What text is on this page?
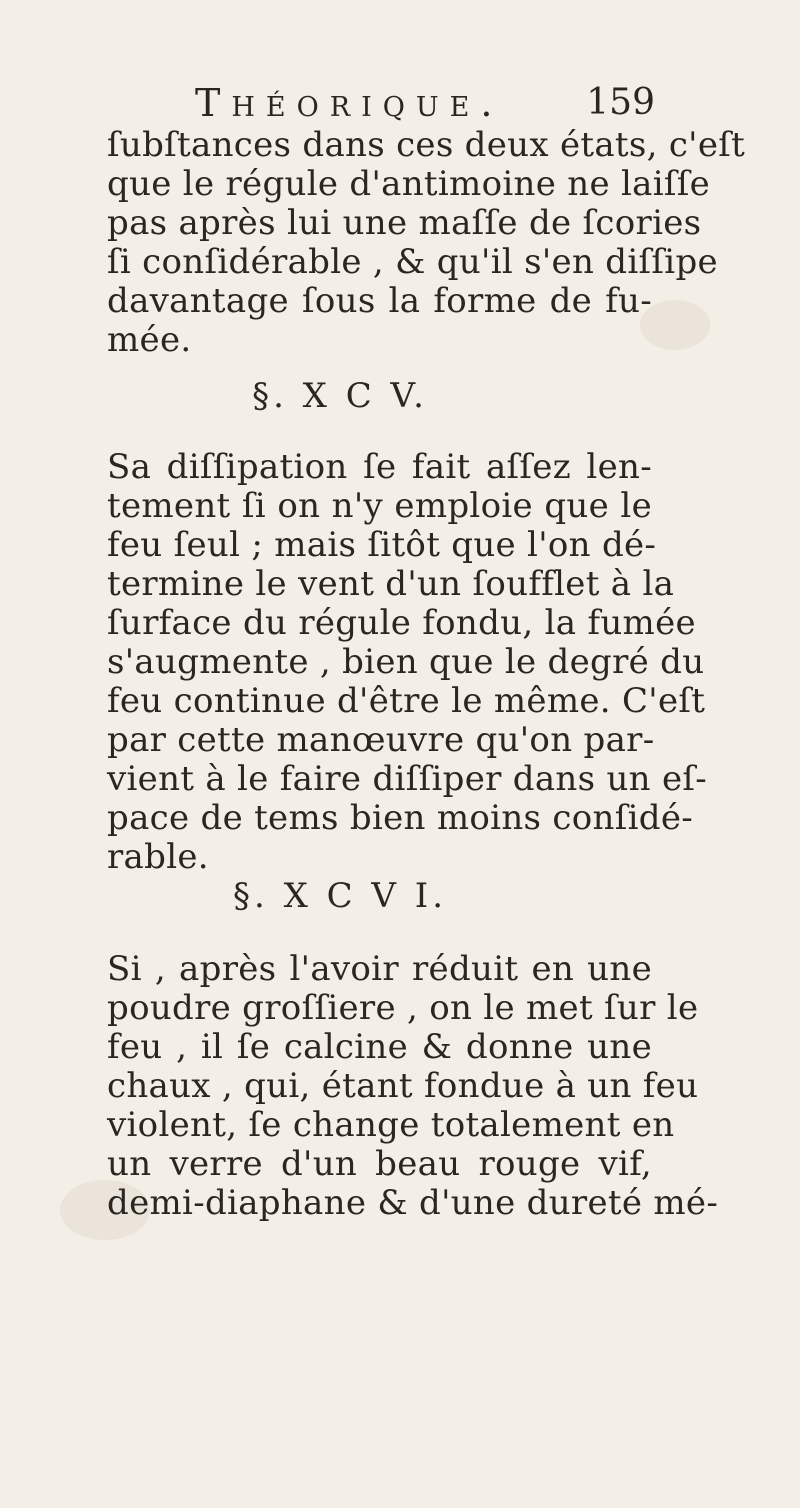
Théorique. 159
ſubſtances dans ces deux états, c'eſt
que le régule d'antimoine ne laiſſe
pas après lui une maſſe de ſcories
ſi conſidérable , & qu'il s'en diſſipe
davantage ſous la forme de fu-
mée.
§. X C V.
Sa diſſipation ſe fait aſſez len-
tement ſi on n'y emploie que le
feu ſeul ; mais ſitôt que l'on dé-
termine le vent d'un ſoufflet à la
ſurface du régule fondu, la fumée
s'augmente , bien que le degré du
feu continue d'être le même. C'eſt
par cette manœuvre qu'on par-
vient à le faire diſſiper dans un eſ-
pace de tems bien moins conſidé-
rable.
§. X C V I.
Si , après l'avoir réduit en une
poudre groſſiere , on le met ſur le
feu , il ſe calcine & donne une
chaux , qui, étant fondue à un feu
violent, ſe change totalement en
un verre d'un beau rouge vif,
demi-diaphane & d'une dureté mé-
